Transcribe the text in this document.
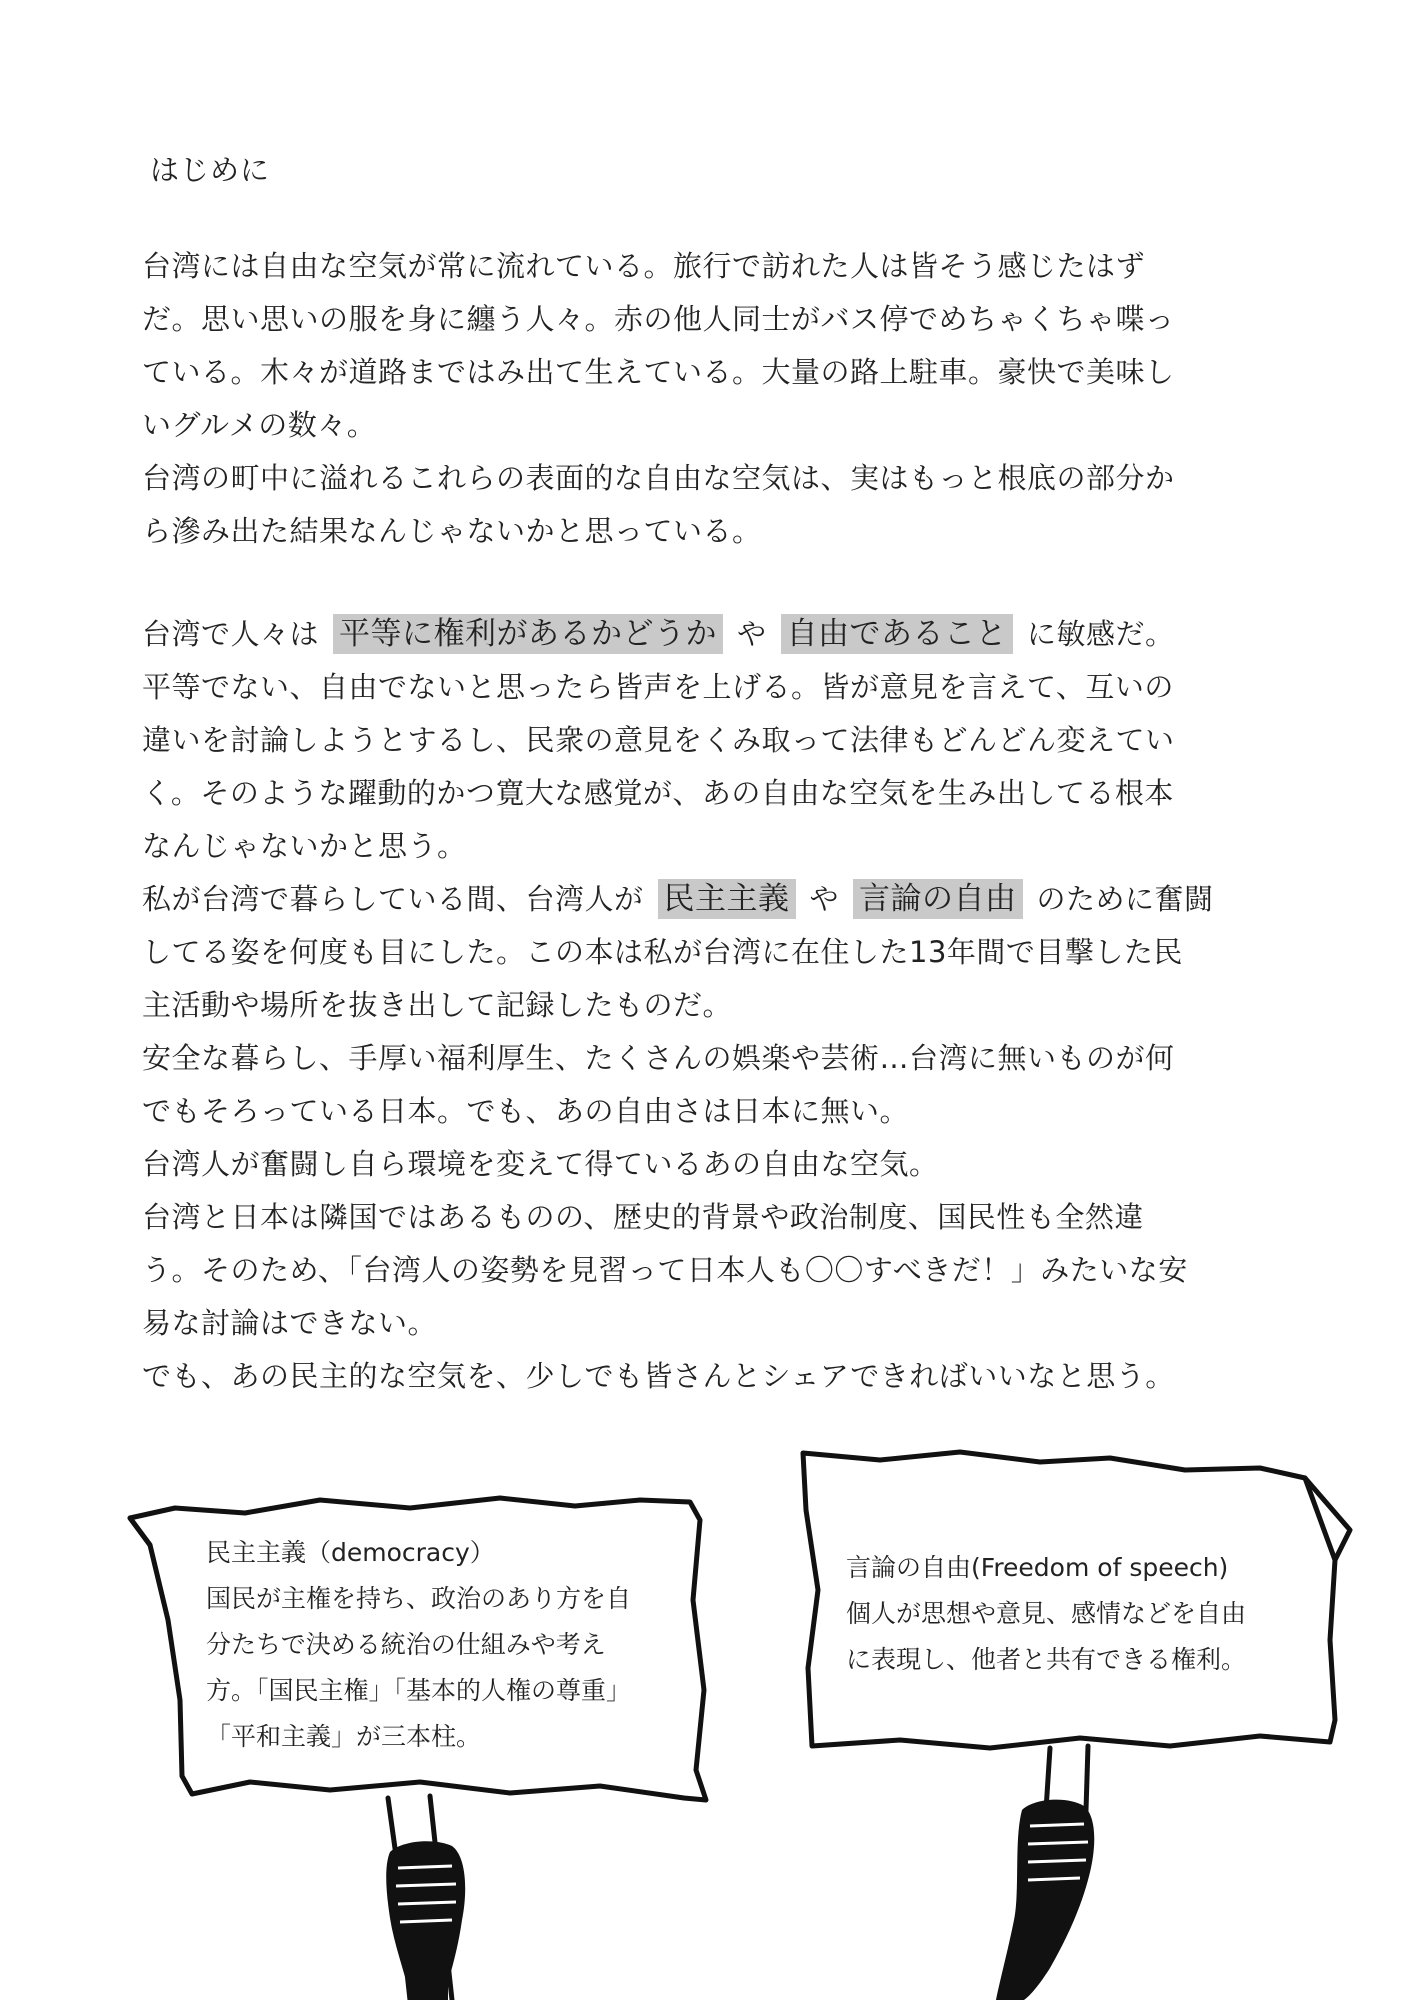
はじめに
台湾には自由な空気が常に流れている。旅行で訪れた人は皆そう感じたはず
だ。思い思いの服を身に纏う人々。赤の他人同士がバス停でめちゃくちゃ喋っ
ている。木々が道路まではみ出て生えている。大量の路上駐車。豪快で美味し
いグルメの数々。
台湾の町中に溢れるこれらの表面的な自由な空気は、実はもっと根底の部分か
ら滲み出た結果なんじゃないかと思っている。
台湾で人々は 平等に権利があるかどうか や 自由であること に敏感だ。
平等でない、自由でないと思ったら皆声を上げる。皆が意見を言えて、互いの
違いを討論しようとするし、民衆の意見をくみ取って法律もどんどん変えてい
く。そのような躍動的かつ寛大な感覚が、あの自由な空気を生み出してる根本
なんじゃないかと思う。
私が台湾で暮らしている間、台湾人が 民主主義 や 言論の自由 のために奮闘
してる姿を何度も目にした。この本は私が台湾に在住した13年間で目撃した民
主活動や場所を抜き出して記録したものだ。
安全な暮らし、手厚い福利厚生、たくさんの娯楽や芸術…台湾に無いものが何
でもそろっている日本。でも、あの自由さは日本に無い。
台湾人が奮闘し自ら環境を変えて得ているあの自由な空気。
台湾と日本は隣国ではあるものの、歴史的背景や政治制度、国民性も全然違
う。そのため、「台湾人の姿勢を見習って日本人も〇〇すべきだ！」みたいな安
易な討論はできない。
でも、あの民主的な空気を、少しでも皆さんとシェアできればいいなと思う。
民主主義（democracy）
国民が主権を持ち、政治のあり方を自
分たちで決める統治の仕組みや考え
方。「国民主権」「基本的人権の尊重」
「平和主義」が三本柱。
言論の自由(Freedom of speech)
個人が思想や意見、感情などを自由
に表現し、他者と共有できる権利。
